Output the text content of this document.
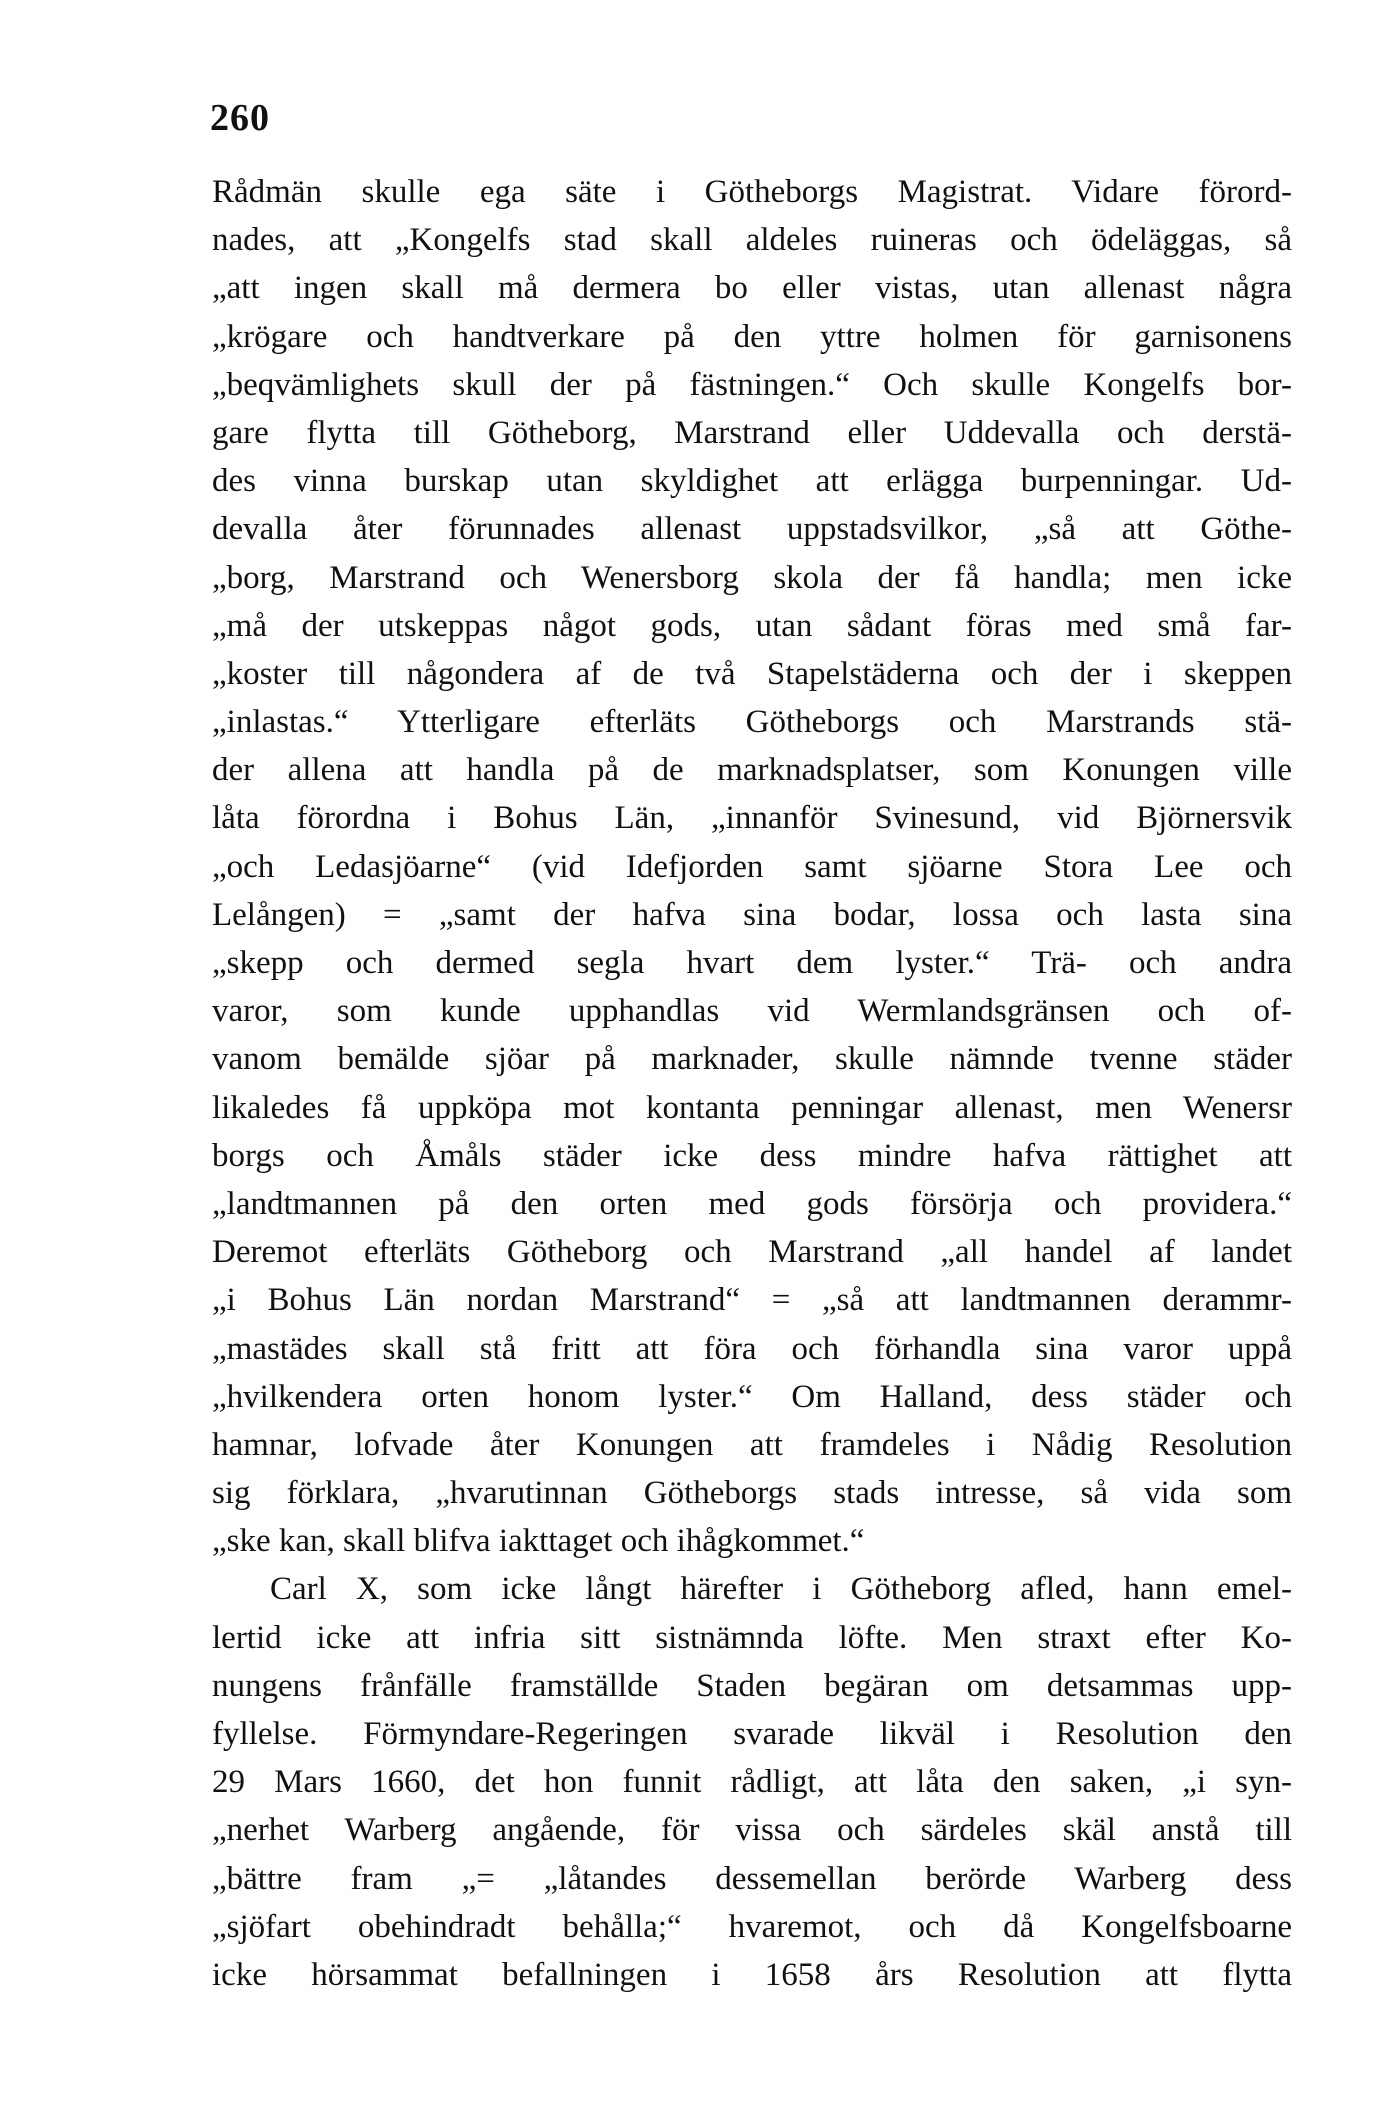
260
Rådmän skulle ega säte i Götheborgs Magistrat. Vidare förord-
nades, att „Kongelfs stad skall aldeles ruineras och ödeläggas, så
„att ingen skall må dermera bo eller vistas, utan allenast några
„krögare och handtverkare på den yttre holmen för garnisonens
„beqvämlighets skull der på fästningen.“ Och skulle Kongelfs bor-
gare flytta till Götheborg, Marstrand eller Uddevalla och derstä-
des vinna burskap utan skyldighet att erlägga burpenningar. Ud-
devalla åter förunnades allenast uppstadsvilkor, „så att Göthe-
„borg, Marstrand och Wenersborg skola der få handla; men icke
„må der utskeppas något gods, utan sådant föras med små far-
„koster till någondera af de två Stapelstäderna och der i skeppen
„inlastas.“ Ytterligare efterläts Götheborgs och Marstrands stä-
der allena att handla på de marknadsplatser, som Konungen ville
låta förordna i Bohus Län, „innanför Svinesund, vid Björnersvik
„och Ledasjöarne“ (vid Idefjorden samt sjöarne Stora Lee och
Lelången) = „samt der hafva sina bodar, lossa och lasta sina
„skepp och dermed segla hvart dem lyster.“ Trä- och andra
varor, som kunde upphandlas vid Wermlandsgränsen och of-
vanom bemälde sjöar på marknader, skulle nämnde tvenne städer
likaledes få uppköpa mot kontanta penningar allenast, men Wenersr
borgs och Åmåls städer icke dess mindre hafva rättighet att
„landtmannen på den orten med gods försörja och providera.“
Deremot efterläts Götheborg och Marstrand „all handel af landet
„i Bohus Län nordan Marstrand“ = „så att landtmannen derammr-
„mastädes skall stå fritt att föra och förhandla sina varor uppå
„hvilkendera orten honom lyster.“ Om Halland, dess städer och
hamnar, lofvade åter Konungen att framdeles i Nådig Resolution
sig förklara, „hvarutinnan Götheborgs stads intresse, så vida som
„ske kan, skall blifva iakttaget och ihågkommet.“
Carl X, som icke långt härefter i Götheborg afled, hann emel-
lertid icke att infria sitt sistnämnda löfte. Men straxt efter Ko-
nungens frånfälle framställde Staden begäran om detsammas upp-
fyllelse. Förmyndare-Regeringen svarade likväl i Resolution den
29 Mars 1660, det hon funnit rådligt, att låta den saken, „i syn-
„nerhet Warberg angående, för vissa och särdeles skäl anstå till
„bättre fram „= „låtandes dessemellan berörde Warberg dess
„sjöfart obehindradt behålla;“ hvaremot, och då Kongelfsboarne
icke hörsammat befallningen i 1658 års Resolution att flytta
